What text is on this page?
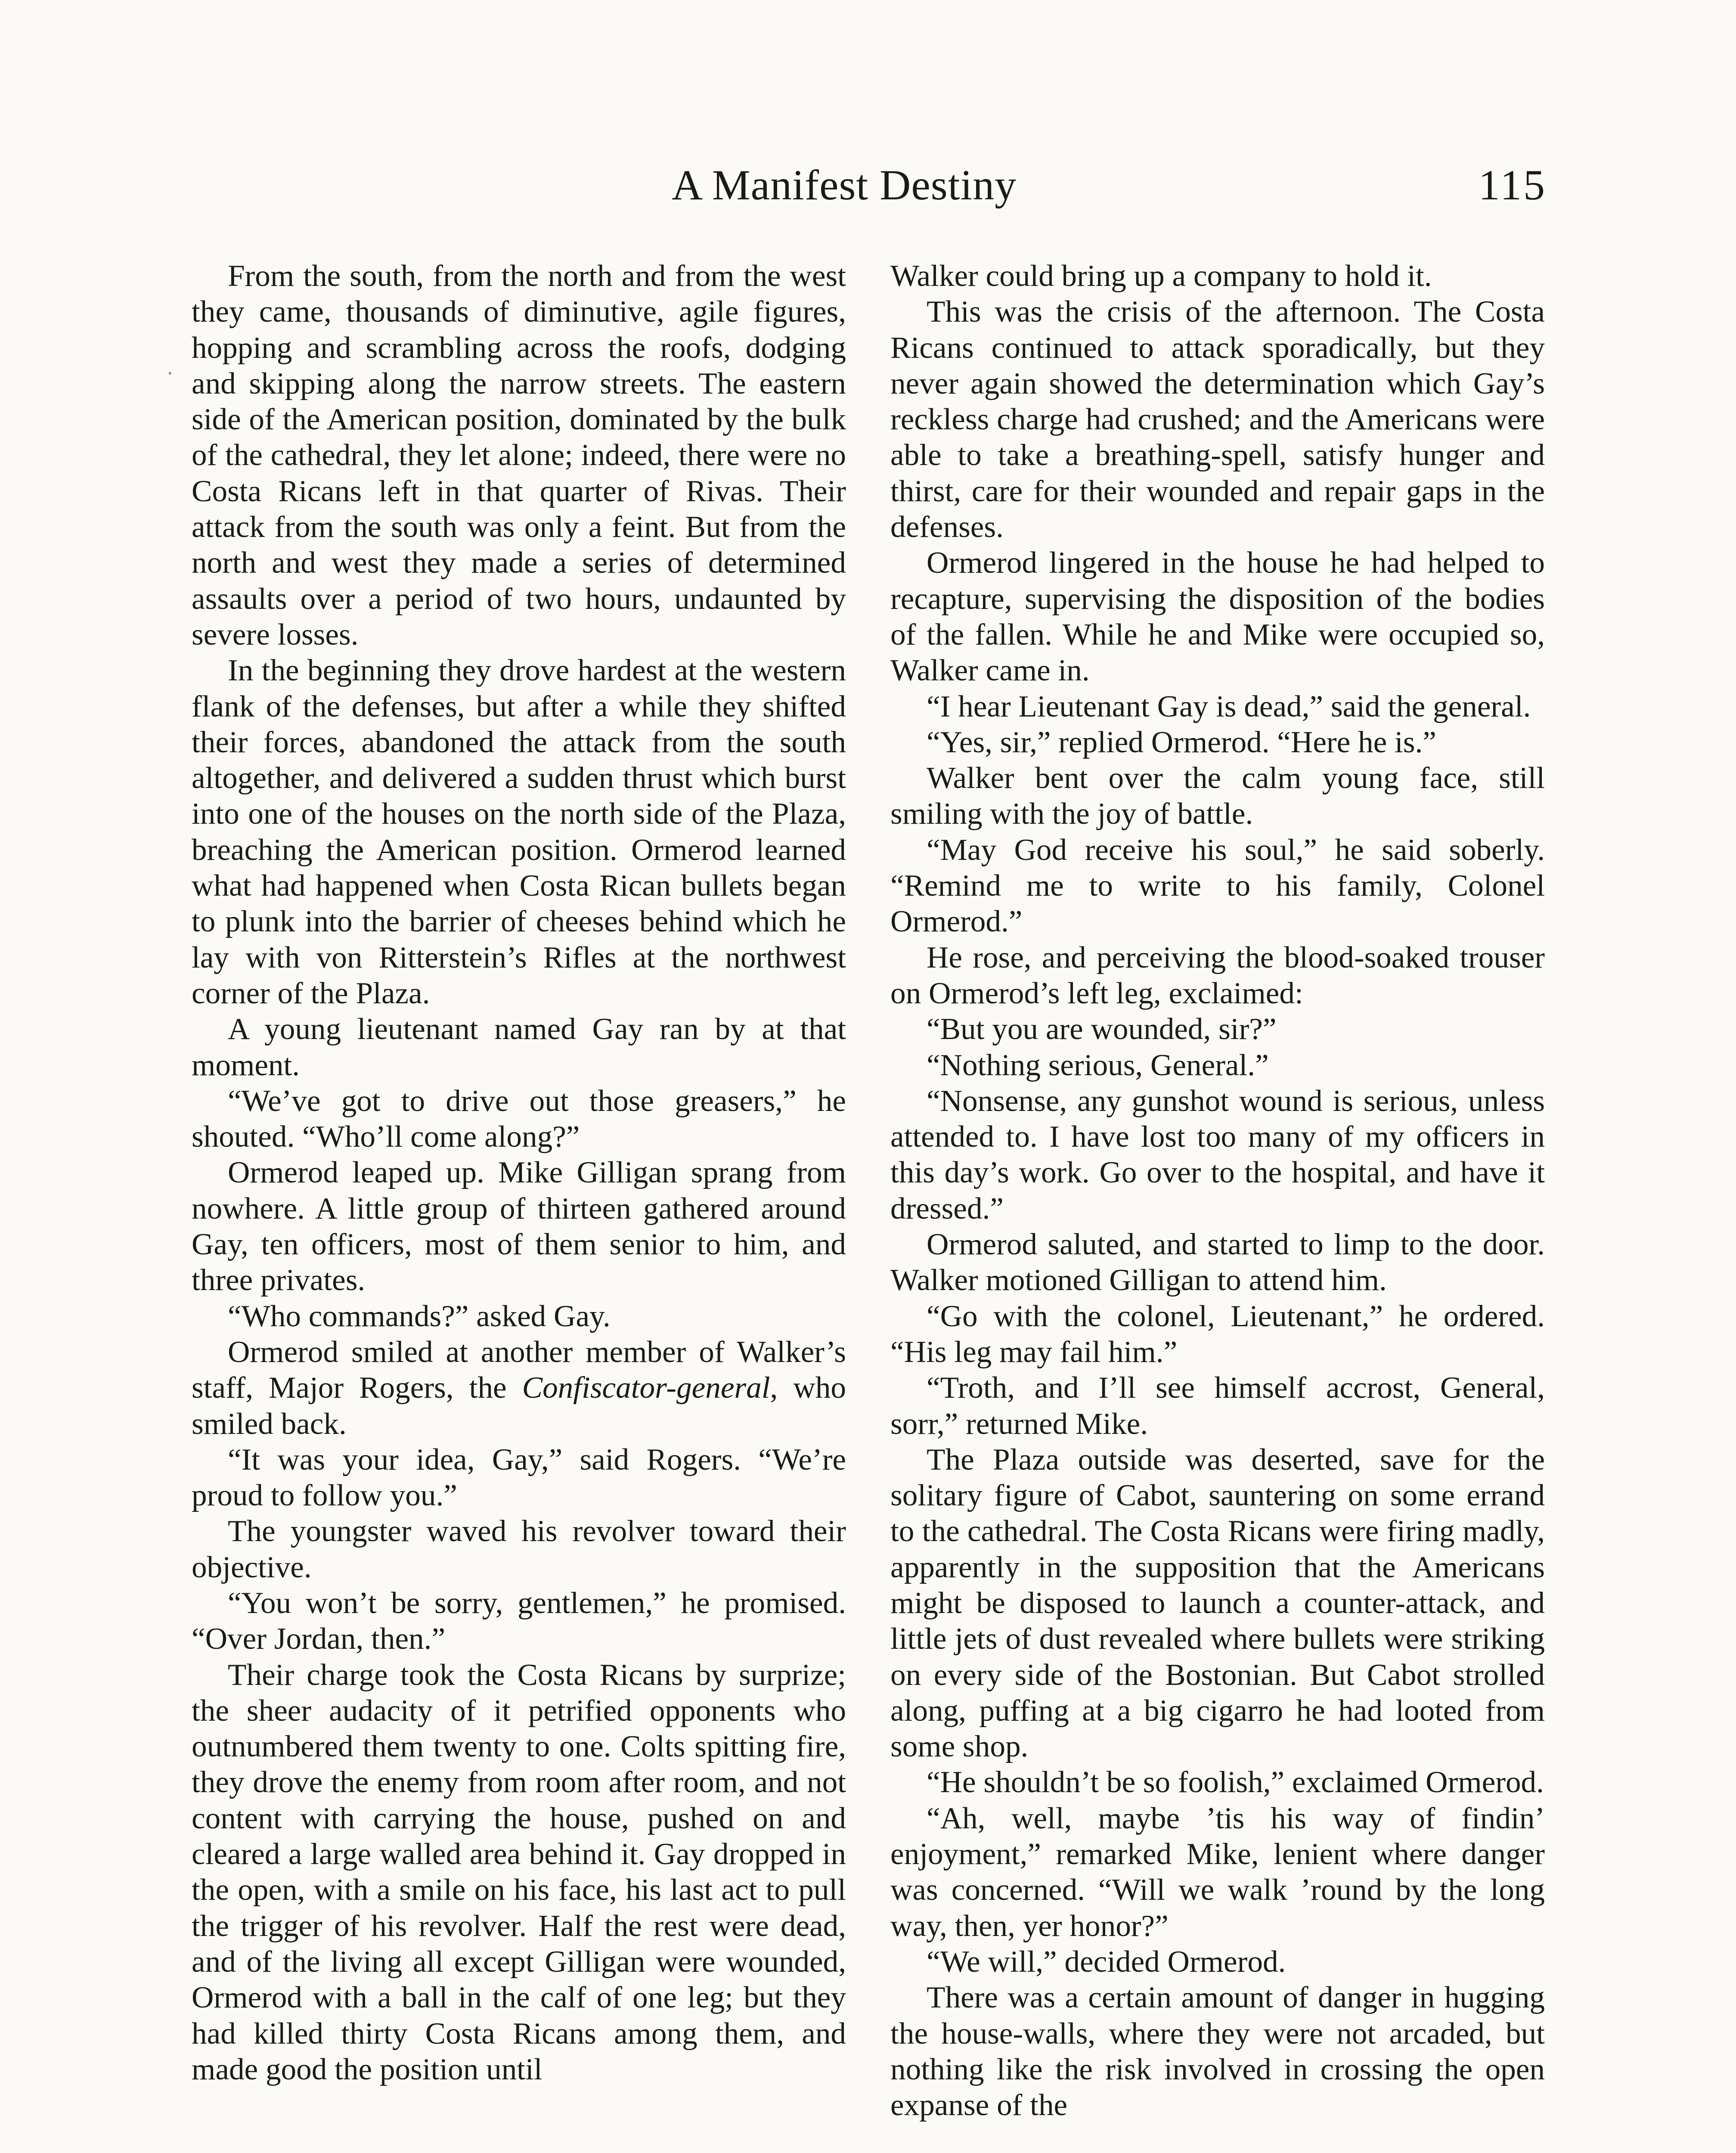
A Manifest Destiny	115

From the south, from the north and from the west they came, thousands of diminutive, agile figures, hopping and scrambling across the roofs, dodging and skipping along the narrow streets. The eastern side of the American position, dominated by the bulk of the cathedral, they let alone; indeed, there were no Costa Ricans left in that quarter of Rivas. Their attack from the south was only a feint. But from the north and west they made a series of determined assaults over a period of two hours, undaunted by severe losses.

In the beginning they drove hardest at the western flank of the defenses, but after a while they shifted their forces, abandoned the attack from the south altogether, and delivered a sudden thrust which burst into one of the houses on the north side of the Plaza, breaching the American position. Ormerod learned what had happened when Costa Rican bullets began to plunk into the barrier of cheeses behind which he lay with von Ritterstein’s Rifles at the northwest corner of the Plaza.

A young lieutenant named Gay ran by at that moment.

“We’ve got to drive out those greasers,” he shouted. “Who’ll come along?”

Ormerod leaped up. Mike Gilligan sprang from nowhere. A little group of thirteen gathered around Gay, ten officers, most of them senior to him, and three privates.

“Who commands?” asked Gay.

Ormerod smiled at another member of Walker’s staff, Major Rogers, the Confiscator-general, who smiled back.

“It was your idea, Gay,” said Rogers. “We’re proud to follow you.”

The youngster waved his revolver toward their objective.

“You won’t be sorry, gentlemen,” he promised. “Over Jordan, then.”

Their charge took the Costa Ricans by surprize; the sheer audacity of it petrified opponents who outnumbered them twenty to one. Colts spitting fire, they drove the enemy from room after room, and not content with carrying the house, pushed on and cleared a large walled area behind it. Gay dropped in the open, with a smile on his face, his last act to pull the trigger of his revolver. Half the rest were dead, and of the living all except Gilligan were wounded, Ormerod with a ball in the calf of one leg; but they had killed thirty Costa Ricans among them, and made good the position until

Walker could bring up a company to hold it.

This was the crisis of the afternoon. The Costa Ricans continued to attack sporadically, but they never again showed the determination which Gay’s reckless charge had crushed; and the Americans were able to take a breathing-spell, satisfy hunger and thirst, care for their wounded and repair gaps in the defenses.

Ormerod lingered in the house he had helped to recapture, supervising the disposition of the bodies of the fallen. While he and Mike were occupied so, Walker came in.

“I hear Lieutenant Gay is dead,” said the general.

“Yes, sir,” replied Ormerod. “Here he is.”

Walker bent over the calm young face, still smiling with the joy of battle.

“May God receive his soul,” he said soberly. “Remind me to write to his family, Colonel Ormerod.”

He rose, and perceiving the blood-soaked trouser on Ormerod’s left leg, exclaimed:

“But you are wounded, sir?”

“Nothing serious, General.”

“Nonsense, any gunshot wound is serious, unless attended to. I have lost too many of my officers in this day’s work. Go over to the hospital, and have it dressed.”

Ormerod saluted, and started to limp to the door. Walker motioned Gilligan to attend him.

“Go with the colonel, Lieutenant,” he ordered. “His leg may fail him.”

“Troth, and I’ll see himself accrost, General, sorr,” returned Mike.

The Plaza outside was deserted, save for the solitary figure of Cabot, sauntering on some errand to the cathedral. The Costa Ricans were firing madly, apparently in the supposition that the Americans might be disposed to launch a counter-attack, and little jets of dust revealed where bullets were striking on every side of the Bostonian. But Cabot strolled along, puffing at a big cigarro he had looted from some shop.

“He shouldn’t be so foolish,” exclaimed Ormerod.

“Ah, well, maybe ’tis his way of findin’ enjoyment,” remarked Mike, lenient where danger was concerned. “Will we walk ’round by the long way, then, yer honor?”

“We will,” decided Ormerod.

There was a certain amount of danger in hugging the house-walls, where they were not arcaded, but nothing like the risk involved in crossing the open expanse of the
